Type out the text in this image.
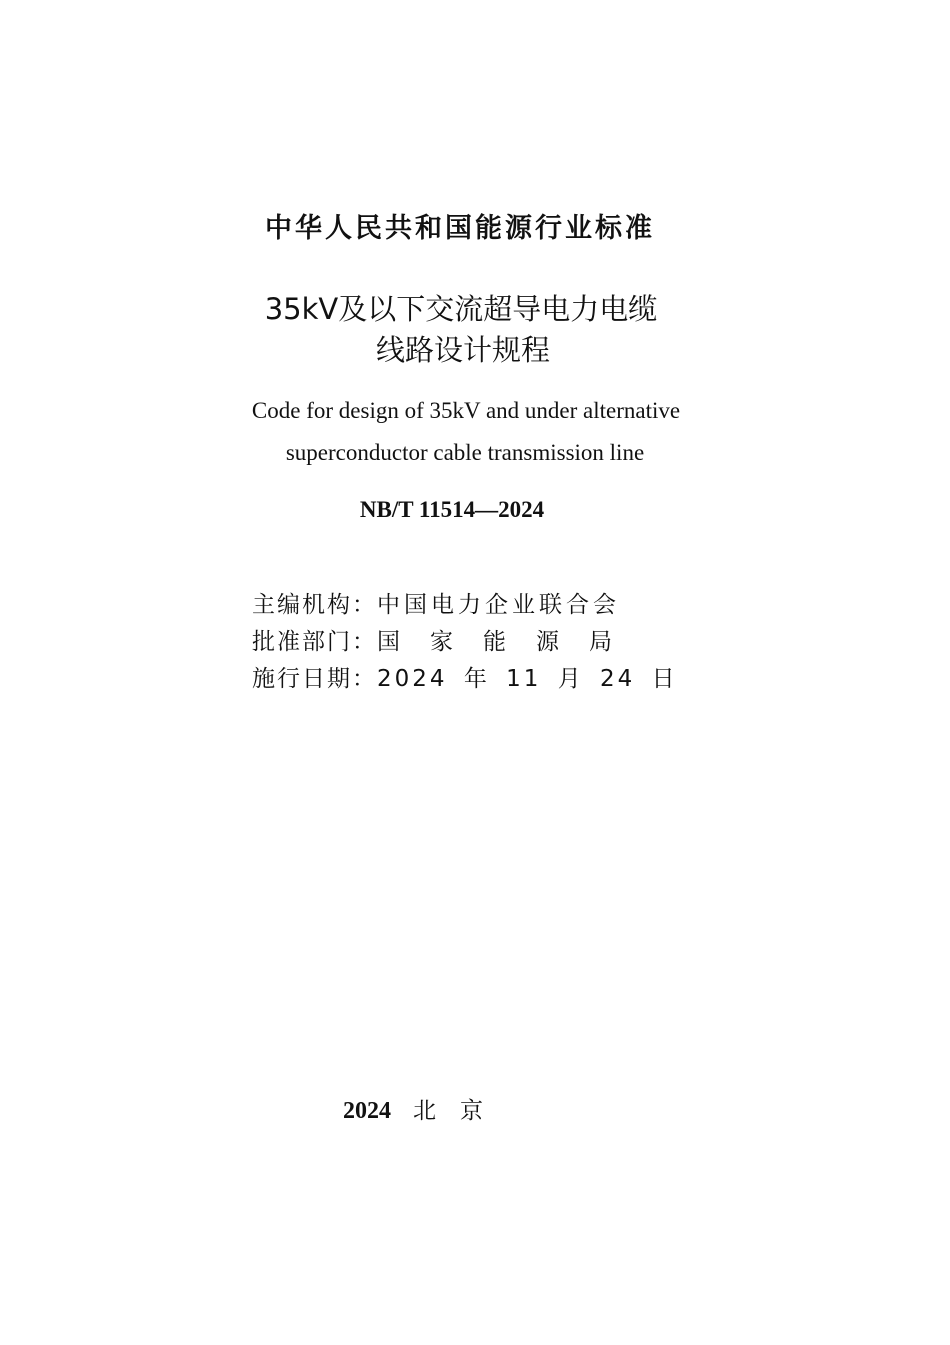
中华人民共和国能源行业标准
35kV及以下交流超导电力电缆
线路设计规程
Code for design of 35kV and under alternative
superconductor cable transmission line
NB/T 11514—2024
主编机构：中国电力企业联合会
批准部门：国家能源局
施行日期：2024 年 11 月 24 日
2024 北京
